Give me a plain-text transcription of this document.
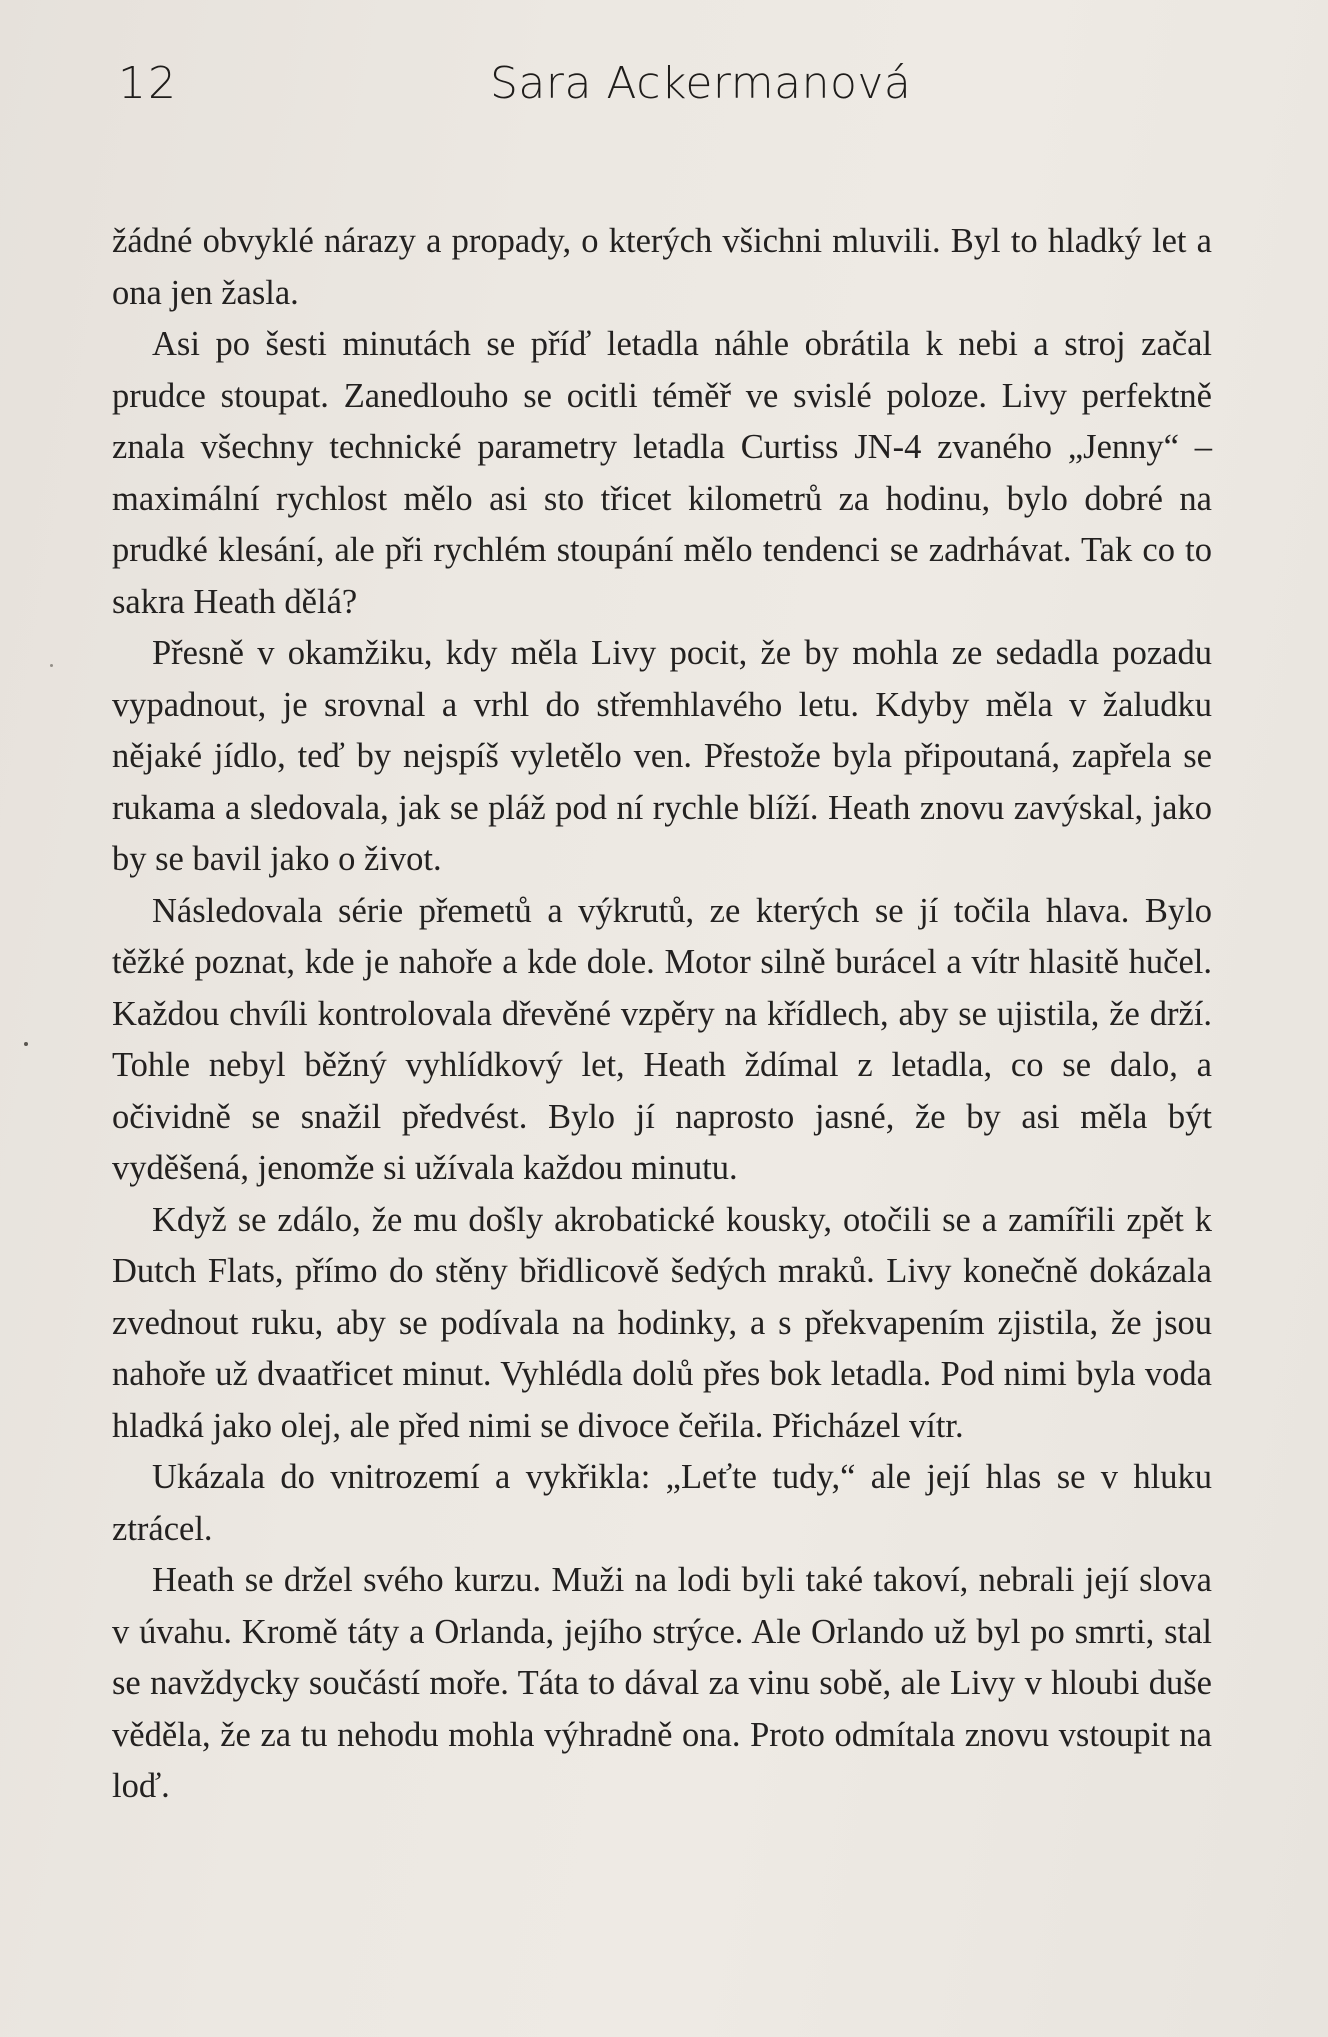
12	Sara Ackermanová

žádné obvyklé nárazy a propady, o kterých všichni mluvili. Byl to hladký let a ona jen žasla.

Asi po šesti minutách se příď letadla náhle obrátila k nebi a stroj začal prudce stoupat. Zanedlouho se ocitli téměř ve svislé poloze. Livy perfektně znala všechny technické parametry letadla Curtiss JN-4 zvaného „Jenny“ – maximální rychlost mělo asi sto třicet kilometrů za hodinu, bylo dobré na prudké klesání, ale při rychlém stoupání mělo tendenci se zadrhávat. Tak co to sakra Heath dělá?

Přesně v okamžiku, kdy měla Livy pocit, že by mohla ze sedadla pozadu vypadnout, je srovnal a vrhl do střemhlavého letu. Kdyby měla v žaludku nějaké jídlo, teď by nejspíš vyletělo ven. Přestože byla připoutaná, zapřela se rukama a sledovala, jak se pláž pod ní rychle blíží. Heath znovu zavýskal, jako by se bavil jako o život.

Následovala série přemetů a výkrutů, ze kterých se jí točila hlava. Bylo těžké poznat, kde je nahoře a kde dole. Motor silně burácel a vítr hlasitě hučel. Každou chvíli kontrolovala dřevěné vzpěry na křídlech, aby se ujistila, že drží. Tohle nebyl běžný vyhlídkový let, Heath ždímal z letadla, co se dalo, a očividně se snažil předvést. Bylo jí naprosto jasné, že by asi měla být vyděšená, jenomže si užívala každou minutu.

Když se zdálo, že mu došly akrobatické kousky, otočili se a zamířili zpět k Dutch Flats, přímo do stěny břidlicově šedých mraků. Livy konečně dokázala zvednout ruku, aby se podívala na hodinky, a s překvapením zjistila, že jsou nahoře už dvaatřicet minut. Vyhlédla dolů přes bok letadla. Pod nimi byla voda hladká jako olej, ale před nimi se divoce čeřila. Přicházel vítr.

Ukázala do vnitrozemí a vykřikla: „Leťte tudy,“ ale její hlas se v hluku ztrácel.

Heath se držel svého kurzu. Muži na lodi byli také takoví, nebrali její slova v úvahu. Kromě táty a Orlanda, jejího strýce. Ale Orlando už byl po smrti, stal se navždycky součástí moře. Táta to dával za vinu sobě, ale Livy v hloubi duše věděla, že za tu nehodu mohla výhradně ona. Proto odmítala znovu vstoupit na loď.
